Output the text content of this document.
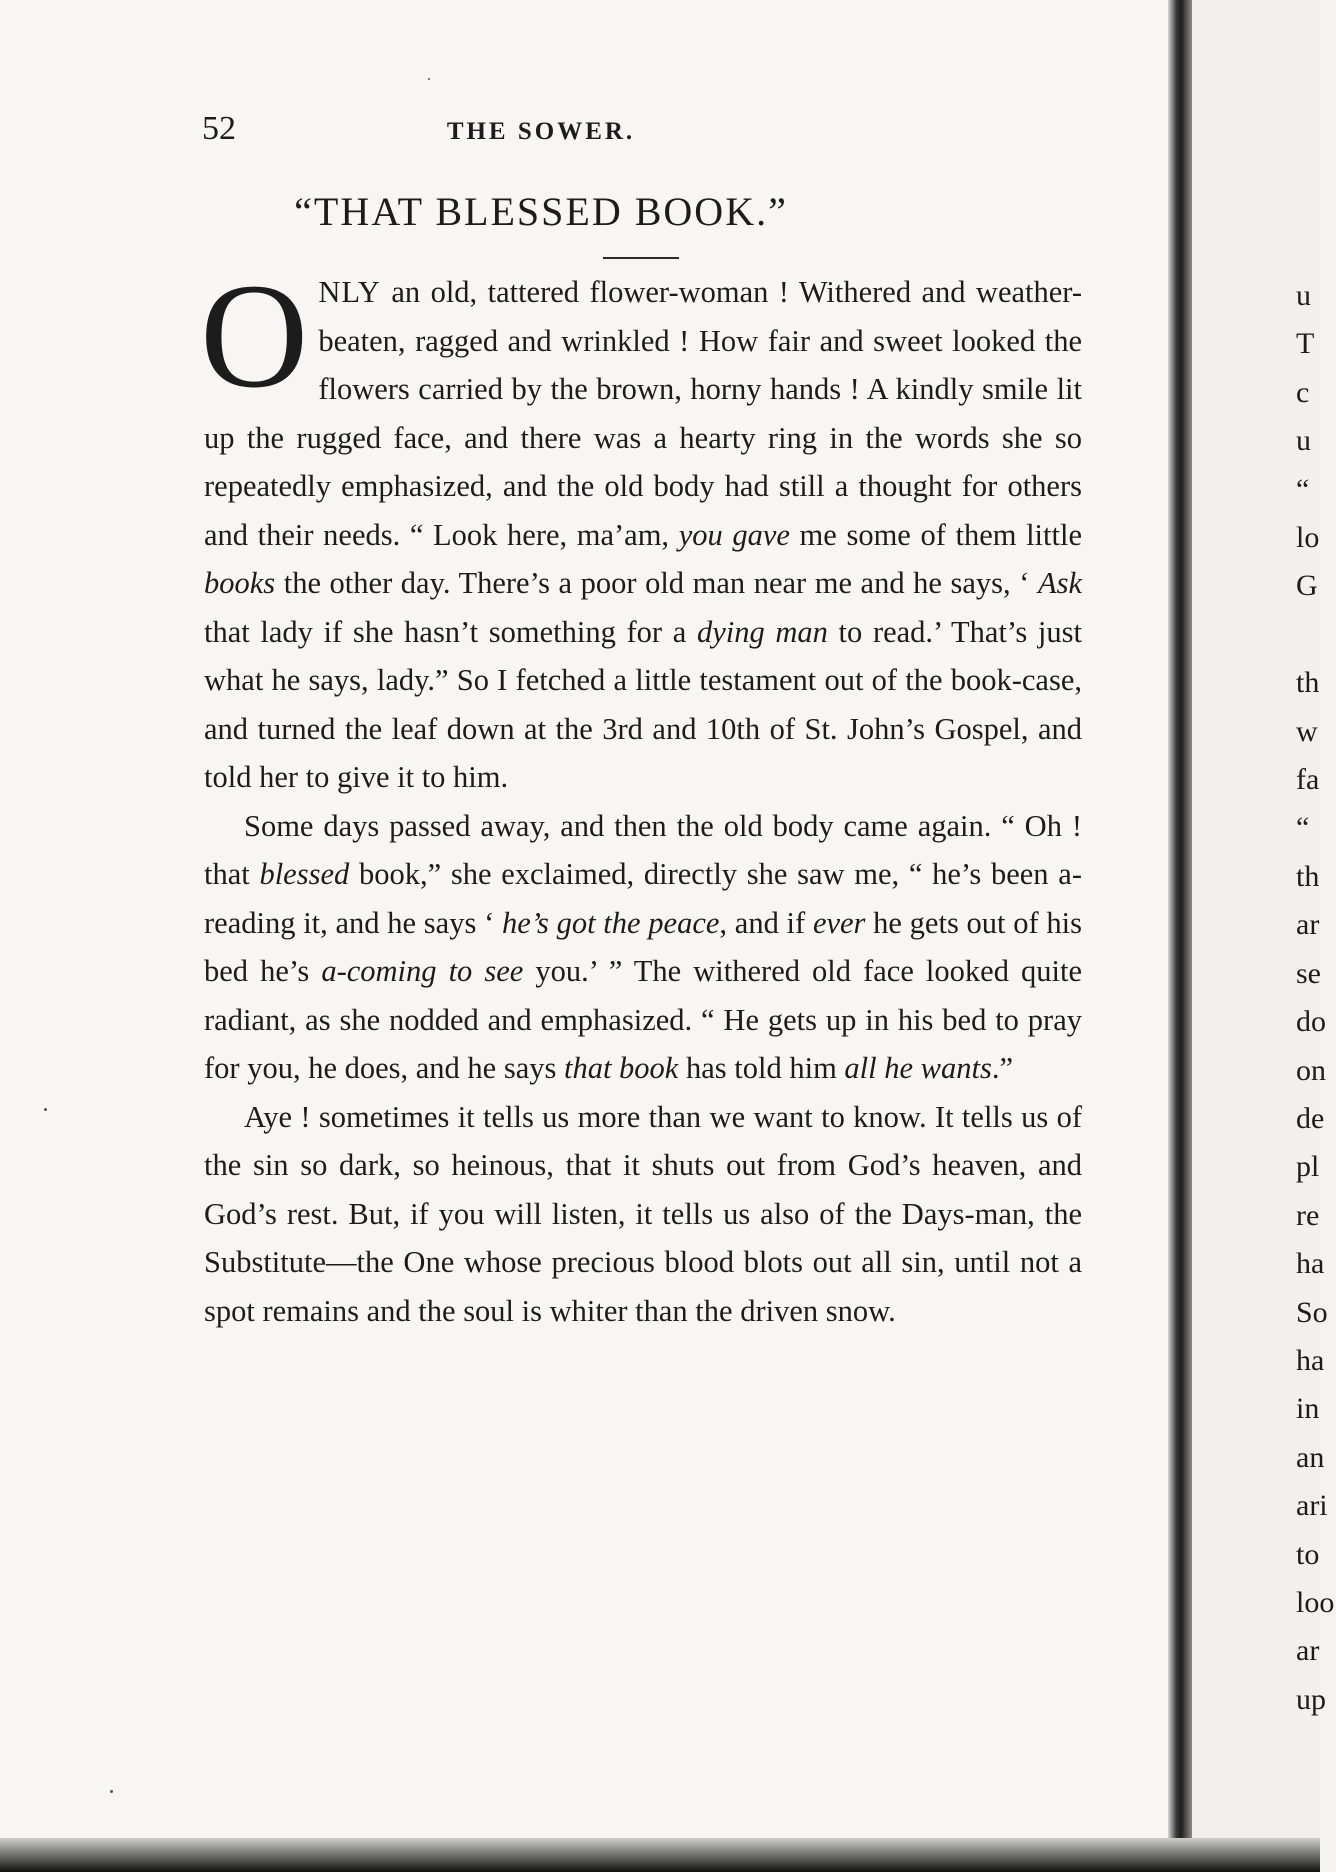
52	THE SOWER.
“THAT BLESSED BOOK.”

ONLY an old, tattered flower-woman ! Withered and weather-beaten, ragged and wrinkled ! How fair and sweet looked the flowers carried by the brown, horny hands ! A kindly smile lit up the rugged face, and there was a hearty ring in the words she so repeatedly emphasized, and the old body had still a thought for others and their needs. “ Look here, ma’am, you gave me some of them little books the other day. There’s a poor old man near me and he says, ‘ Ask that lady if she hasn’t something for a dying man to read.’ That’s just what he says, lady.” So I fetched a little testament out of the book-case, and turned the leaf down at the 3rd and 10th of St. John’s Gospel, and told her to give it to him.

Some days passed away, and then the old body came again. “ Oh ! that blessed book,” she exclaimed, directly she saw me, “ he’s been a-reading it, and he says ‘ he’s got the peace, and if ever he gets out of his bed he’s a-coming to see you.’ ” The withered old face looked quite radiant, as she nodded and emphasized. “ He gets up in his bed to pray for you, he does, and he says that book has told him all he wants.”

Aye ! sometimes it tells us more than we want to know. It tells us of the sin so dark, so heinous, that it shuts out from God’s heaven, and God’s rest. But, if you will listen, it tells us also of the Days-man, the Substitute—the One whose precious blood blots out all sin, until not a spot remains and the soul is whiter than the driven snow.

u
T
c
u
“
lo
G

th
w
fa
“
th
ar
se
do
on
de
pl
re
ha
So
ha
in
an
ari
to
loo
ar
up
